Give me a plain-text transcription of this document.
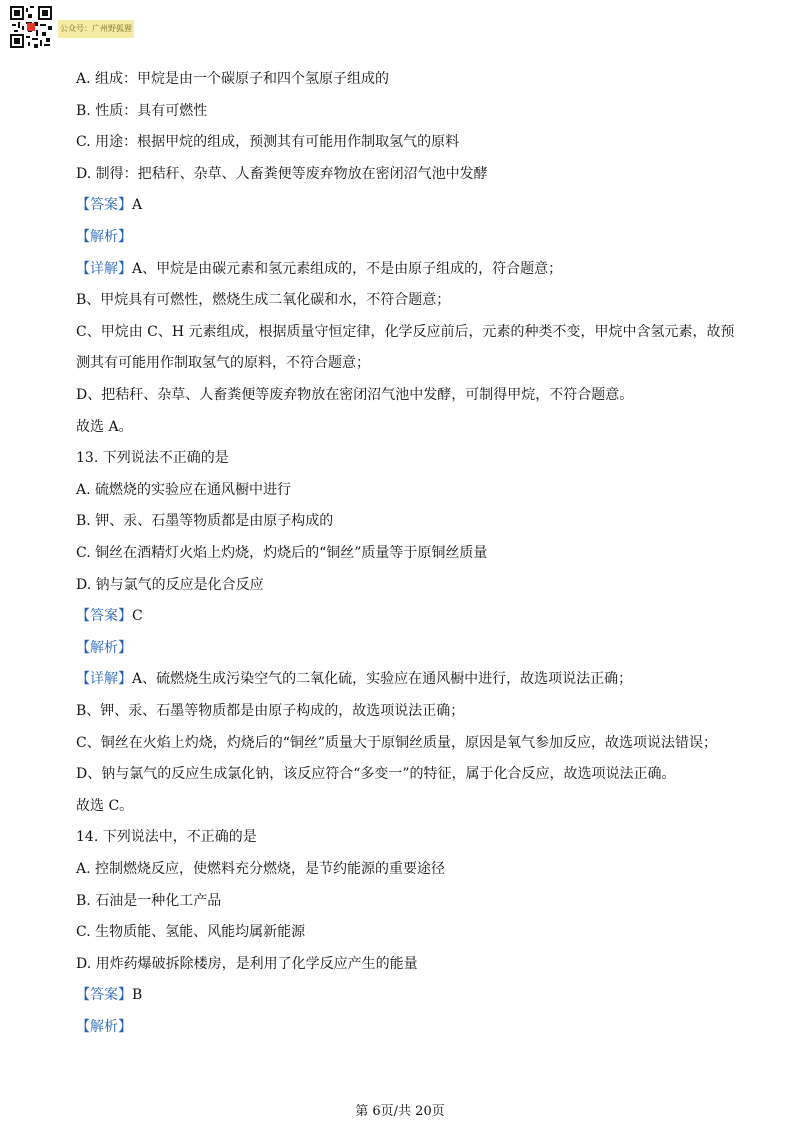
公众号：广州野狐狸
A. 组成：甲烷是由一个碳原子和四个氢原子组成的
B. 性质：具有可燃性
C. 用途：根据甲烷的组成，预测其有可能用作制取氢气的原料
D. 制得：把秸秆、杂草、人畜粪便等废弃物放在密闭沼气池中发酵
【答案】A
【解析】
【详解】A、甲烷是由碳元素和氢元素组成的，不是由原子组成的，符合题意；
B、甲烷具有可燃性，燃烧生成二氧化碳和水，不符合题意；
C、甲烷由 C、H 元素组成，根据质量守恒定律，化学反应前后，元素的种类不变，甲烷中含氢元素，故预
测其有可能用作制取氢气的原料，不符合题意；
D、把秸秆、杂草、人畜粪便等废弃物放在密闭沼气池中发酵，可制得甲烷，不符合题意。
故选 A。
13. 下列说法不正确的是
A. 硫燃烧的实验应在通风橱中进行
B. 钾、汞、石墨等物质都是由原子构成的
C. 铜丝在酒精灯火焰上灼烧，灼烧后的“铜丝”质量等于原铜丝质量
D. 钠与氯气的反应是化合反应
【答案】C
【解析】
【详解】A、硫燃烧生成污染空气的二氧化硫，实验应在通风橱中进行，故选项说法正确；
B、钾、汞、石墨等物质都是由原子构成的，故选项说法正确；
C、铜丝在火焰上灼烧，灼烧后的“铜丝”质量大于原铜丝质量，原因是氧气参加反应，故选项说法错误；
D、钠与氯气的反应生成氯化钠，该反应符合“多变一”的特征，属于化合反应，故选项说法正确。
故选 C。
14. 下列说法中，不正确的是
A. 控制燃烧反应，使燃料充分燃烧，是节约能源的重要途径
B. 石油是一种化工产品
C. 生物质能、氢能、风能均属新能源
D. 用炸药爆破拆除楼房，是利用了化学反应产生的能量
【答案】B
【解析】
第 6页/共 20页
